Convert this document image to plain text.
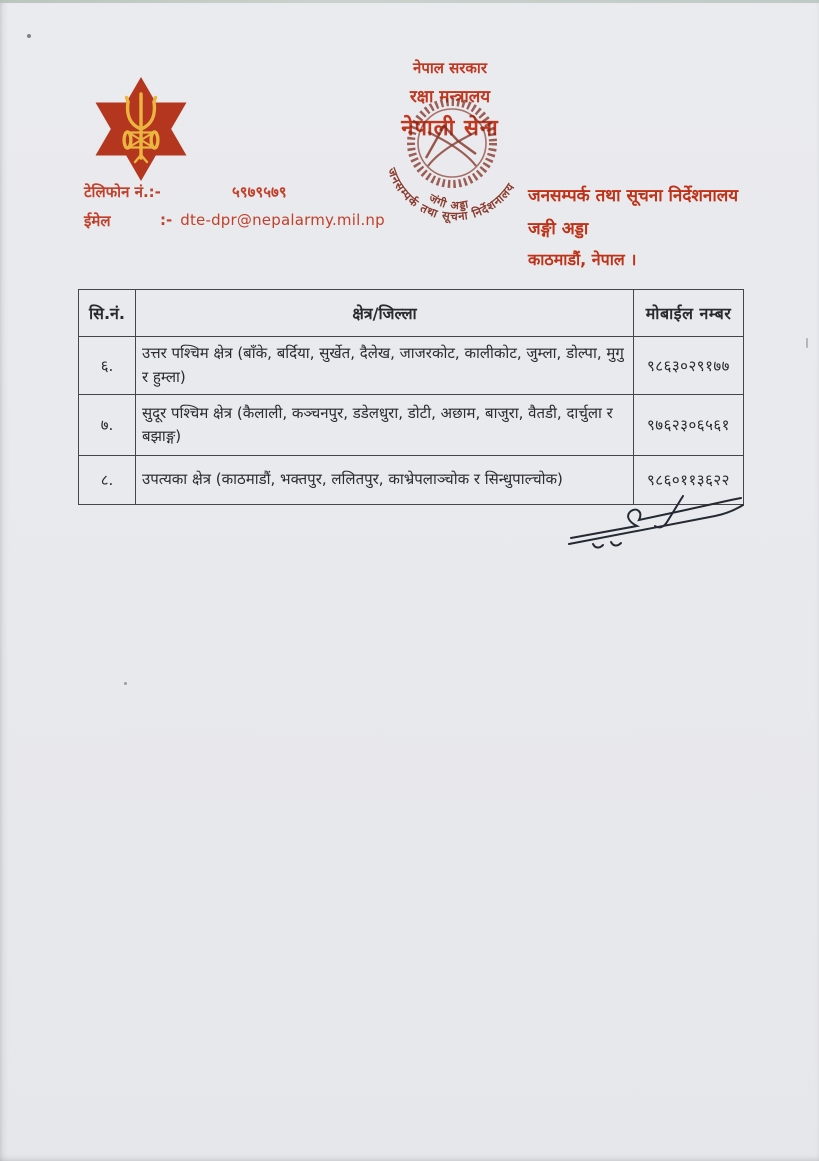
टेलिफोन नं.:-	५९७९५७९
ईमेल	:- dte-dpr@nepalarmy.mil.np
नेपाल सरकार
रक्षा मन्त्रालय
नेपाली सेना
जनसम्पर्क तथा सूचना निर्देशनालय
जंगी अड्डा	जनसम्पर्क तथा सूचना निर्देशनालय
जङ्गी अड्डा
काठमाडौं, नेपाल ।
सि.नं.	क्षेत्र/जिल्ला	मोबाईल नम्बर
६.	उत्तर पश्चिम क्षेत्र (बाँके, बर्दिया, सुर्खेत, दैलेख, जाजरकोट, कालीकोट, जुम्ला, डोल्पा, मुगु र हुम्ला)	९८६३०२९१७७
७.	सुदूर पश्चिम क्षेत्र (कैलाली, कञ्चनपुर, डडेलधुरा, डोटी, अछाम, बाजुरा, वैतडी, दार्चुला र बझाङ्ग)	९७६२३०६५६१
८.	उपत्यका क्षेत्र (काठमाडौं, भक्तपुर, ललितपुर, काभ्रेपलाञ्चोक र सिन्धुपाल्चोक)	९८६०११३६२२
